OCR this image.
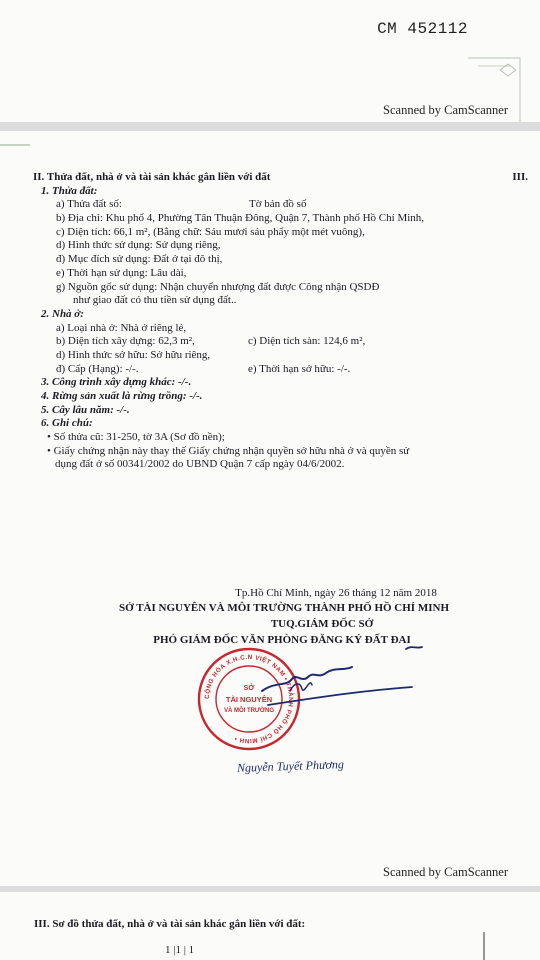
CM 452112
Scanned by CamScanner
III.
II. Thửa đất, nhà ở và tài sản khác gắn liền với đất
1. Thửa đất:
a) Thửa đất số:	Tờ bản đồ số
b) Địa chỉ: Khu phố 4, Phường Tân Thuận Đông, Quận 7, Thành phố Hồ Chí Minh,
c) Diện tích: 66,1 m², (Bằng chữ: Sáu mươi sáu phẩy một mét vuông),
d) Hình thức sử dụng: Sử dụng riêng,
đ) Mục đích sử dụng: Đất ở tại đô thị,
e) Thời hạn sử dụng: Lâu dài,
g) Nguồn gốc sử dụng: Nhận chuyển nhượng đất được Công nhận QSDĐ
như giao đất có thu tiền sử dụng đất..
2. Nhà ở:
a) Loại nhà ở: Nhà ở riêng lẻ,
b) Diện tích xây dựng: 62,3 m²,	c) Diện tích sàn: 124,6 m²,
d) Hình thức sở hữu: Sở hữu riêng,
đ) Cấp (Hạng): -/-.	e) Thời hạn sở hữu: -/-.
3. Công trình xây dựng khác: -/-.
4. Rừng sản xuất là rừng trồng: -/-.
5. Cây lâu năm: -/-.
6. Ghi chú:
• Số thửa cũ: 31-250, tờ 3A (Sơ đồ nền);
• Giấy chứng nhận này thay thế Giấy chứng nhận quyền sở hữu nhà ở và quyền sử
dụng đất ở số 00341/2002 do UBND Quận 7 cấp ngày 04/6/2002.
Tp.Hồ Chí Minh, ngày 26 tháng 12 năm 2018
SỞ TÀI NGUYÊN VÀ MÔI TRƯỜNG THÀNH PHỐ HỒ CHÍ MINH
TUQ.GIÁM ĐỐC SỞ
PHÓ GIÁM ĐỐC VĂN PHÒNG ĐĂNG KÝ ĐẤT ĐAI
CỘNG HÒA X.H.C.N VIỆT NAM • THÀNH PHỐ HỒ CHÍ MINH •
SỞ
TÀI NGUYÊN
VÀ MÔI TRƯỜNG
Nguyễn Tuyết Phương
Scanned by CamScanner
III. Sơ đồ thửa đất, nhà ở và tài sản khác gắn liền với đất:
1 |1 | 1
